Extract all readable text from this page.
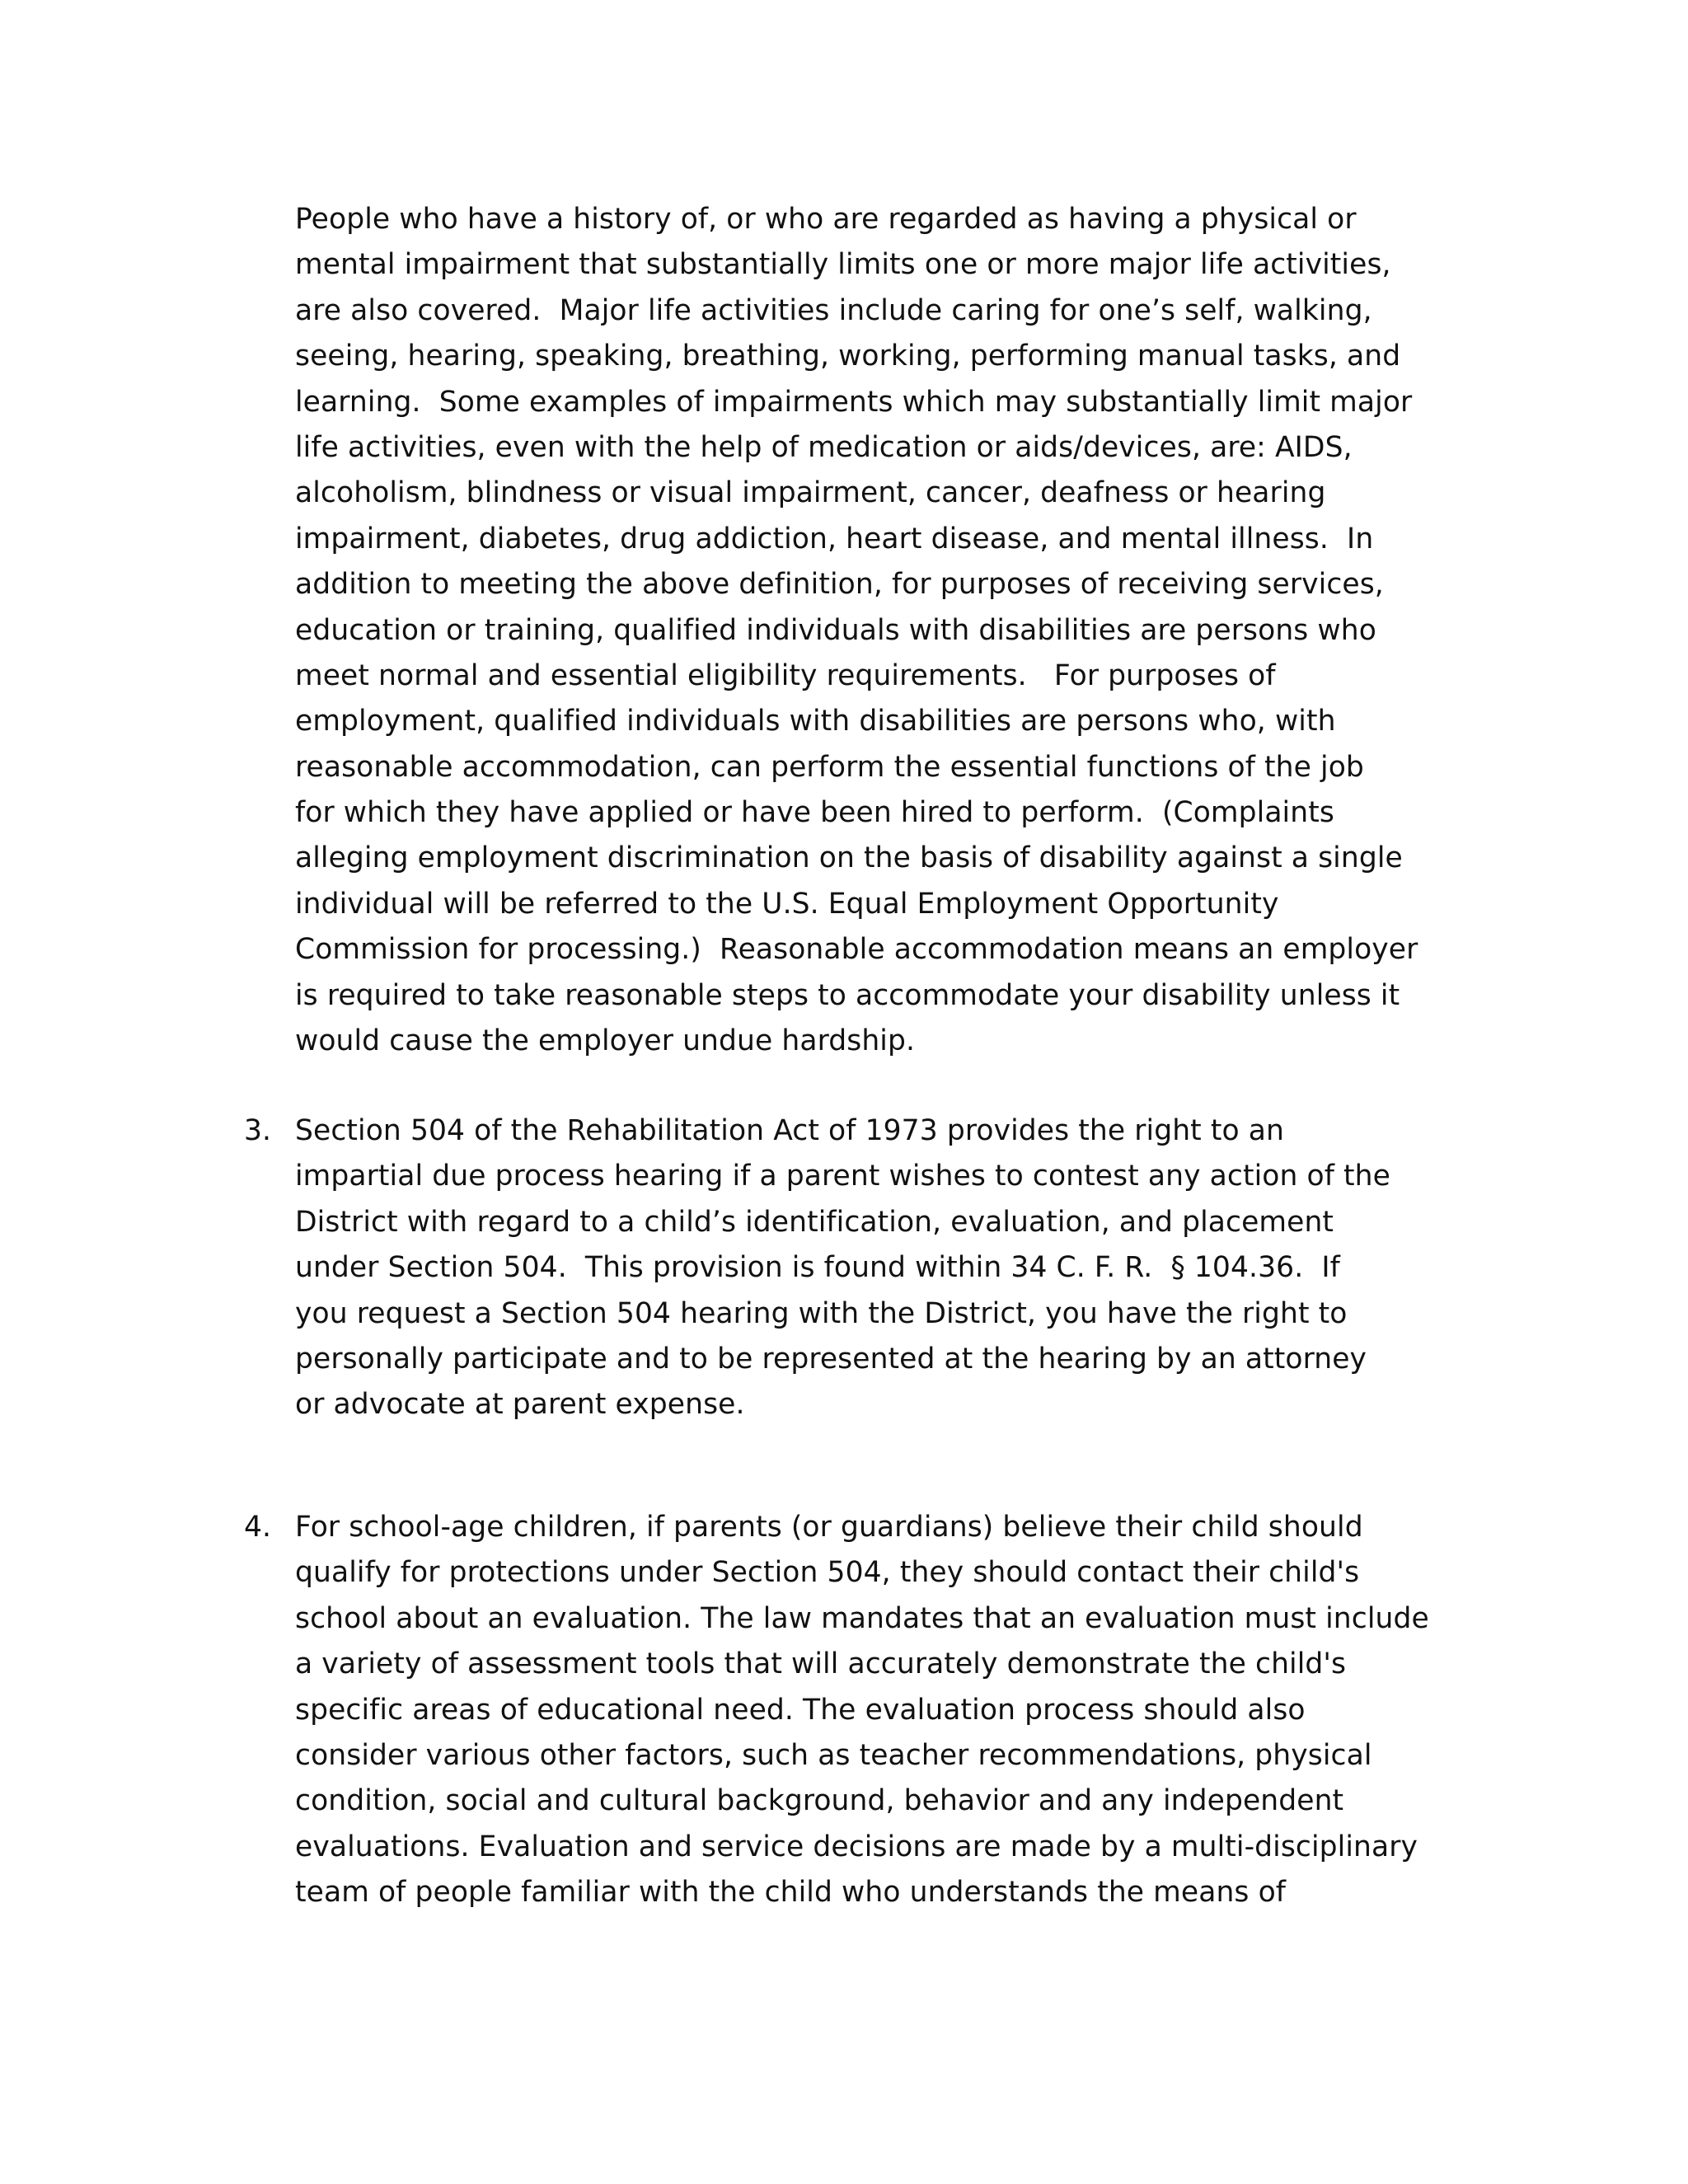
People who have a history of, or who are regarded as having a physical or
mental impairment that substantially limits one or more major life activities,
are also covered.  Major life activities include caring for one’s self, walking,
seeing, hearing, speaking, breathing, working, performing manual tasks, and
learning.  Some examples of impairments which may substantially limit major
life activities, even with the help of medication or aids/devices, are: AIDS,
alcoholism, blindness or visual impairment, cancer, deafness or hearing
impairment, diabetes, drug addiction, heart disease, and mental illness.  In
addition to meeting the above definition, for purposes of receiving services,
education or training, qualified individuals with disabilities are persons who
meet normal and essential eligibility requirements.   For purposes of
employment, qualified individuals with disabilities are persons who, with
reasonable accommodation, can perform the essential functions of the job
for which they have applied or have been hired to perform.  (Complaints
alleging employment discrimination on the basis of disability against a single
individual will be referred to the U.S. Equal Employment Opportunity
Commission for processing.)  Reasonable accommodation means an employer
is required to take reasonable steps to accommodate your disability unless it
would cause the employer undue hardship.
3. Section 504 of the Rehabilitation Act of 1973 provides the right to an
impartial due process hearing if a parent wishes to contest any action of the
District with regard to a child’s identification, evaluation, and placement
under Section 504.  This provision is found within 34 C. F. R.  § 104.36.  If
you request a Section 504 hearing with the District, you have the right to
personally participate and to be represented at the hearing by an attorney
or advocate at parent expense.
4. For school-age children, if parents (or guardians) believe their child should
qualify for protections under Section 504, they should contact their child's
school about an evaluation. The law mandates that an evaluation must include
a variety of assessment tools that will accurately demonstrate the child's
specific areas of educational need. The evaluation process should also
consider various other factors, such as teacher recommendations, physical
condition, social and cultural background, behavior and any independent
evaluations. Evaluation and service decisions are made by a multi-disciplinary
team of people familiar with the child who understands the means of
